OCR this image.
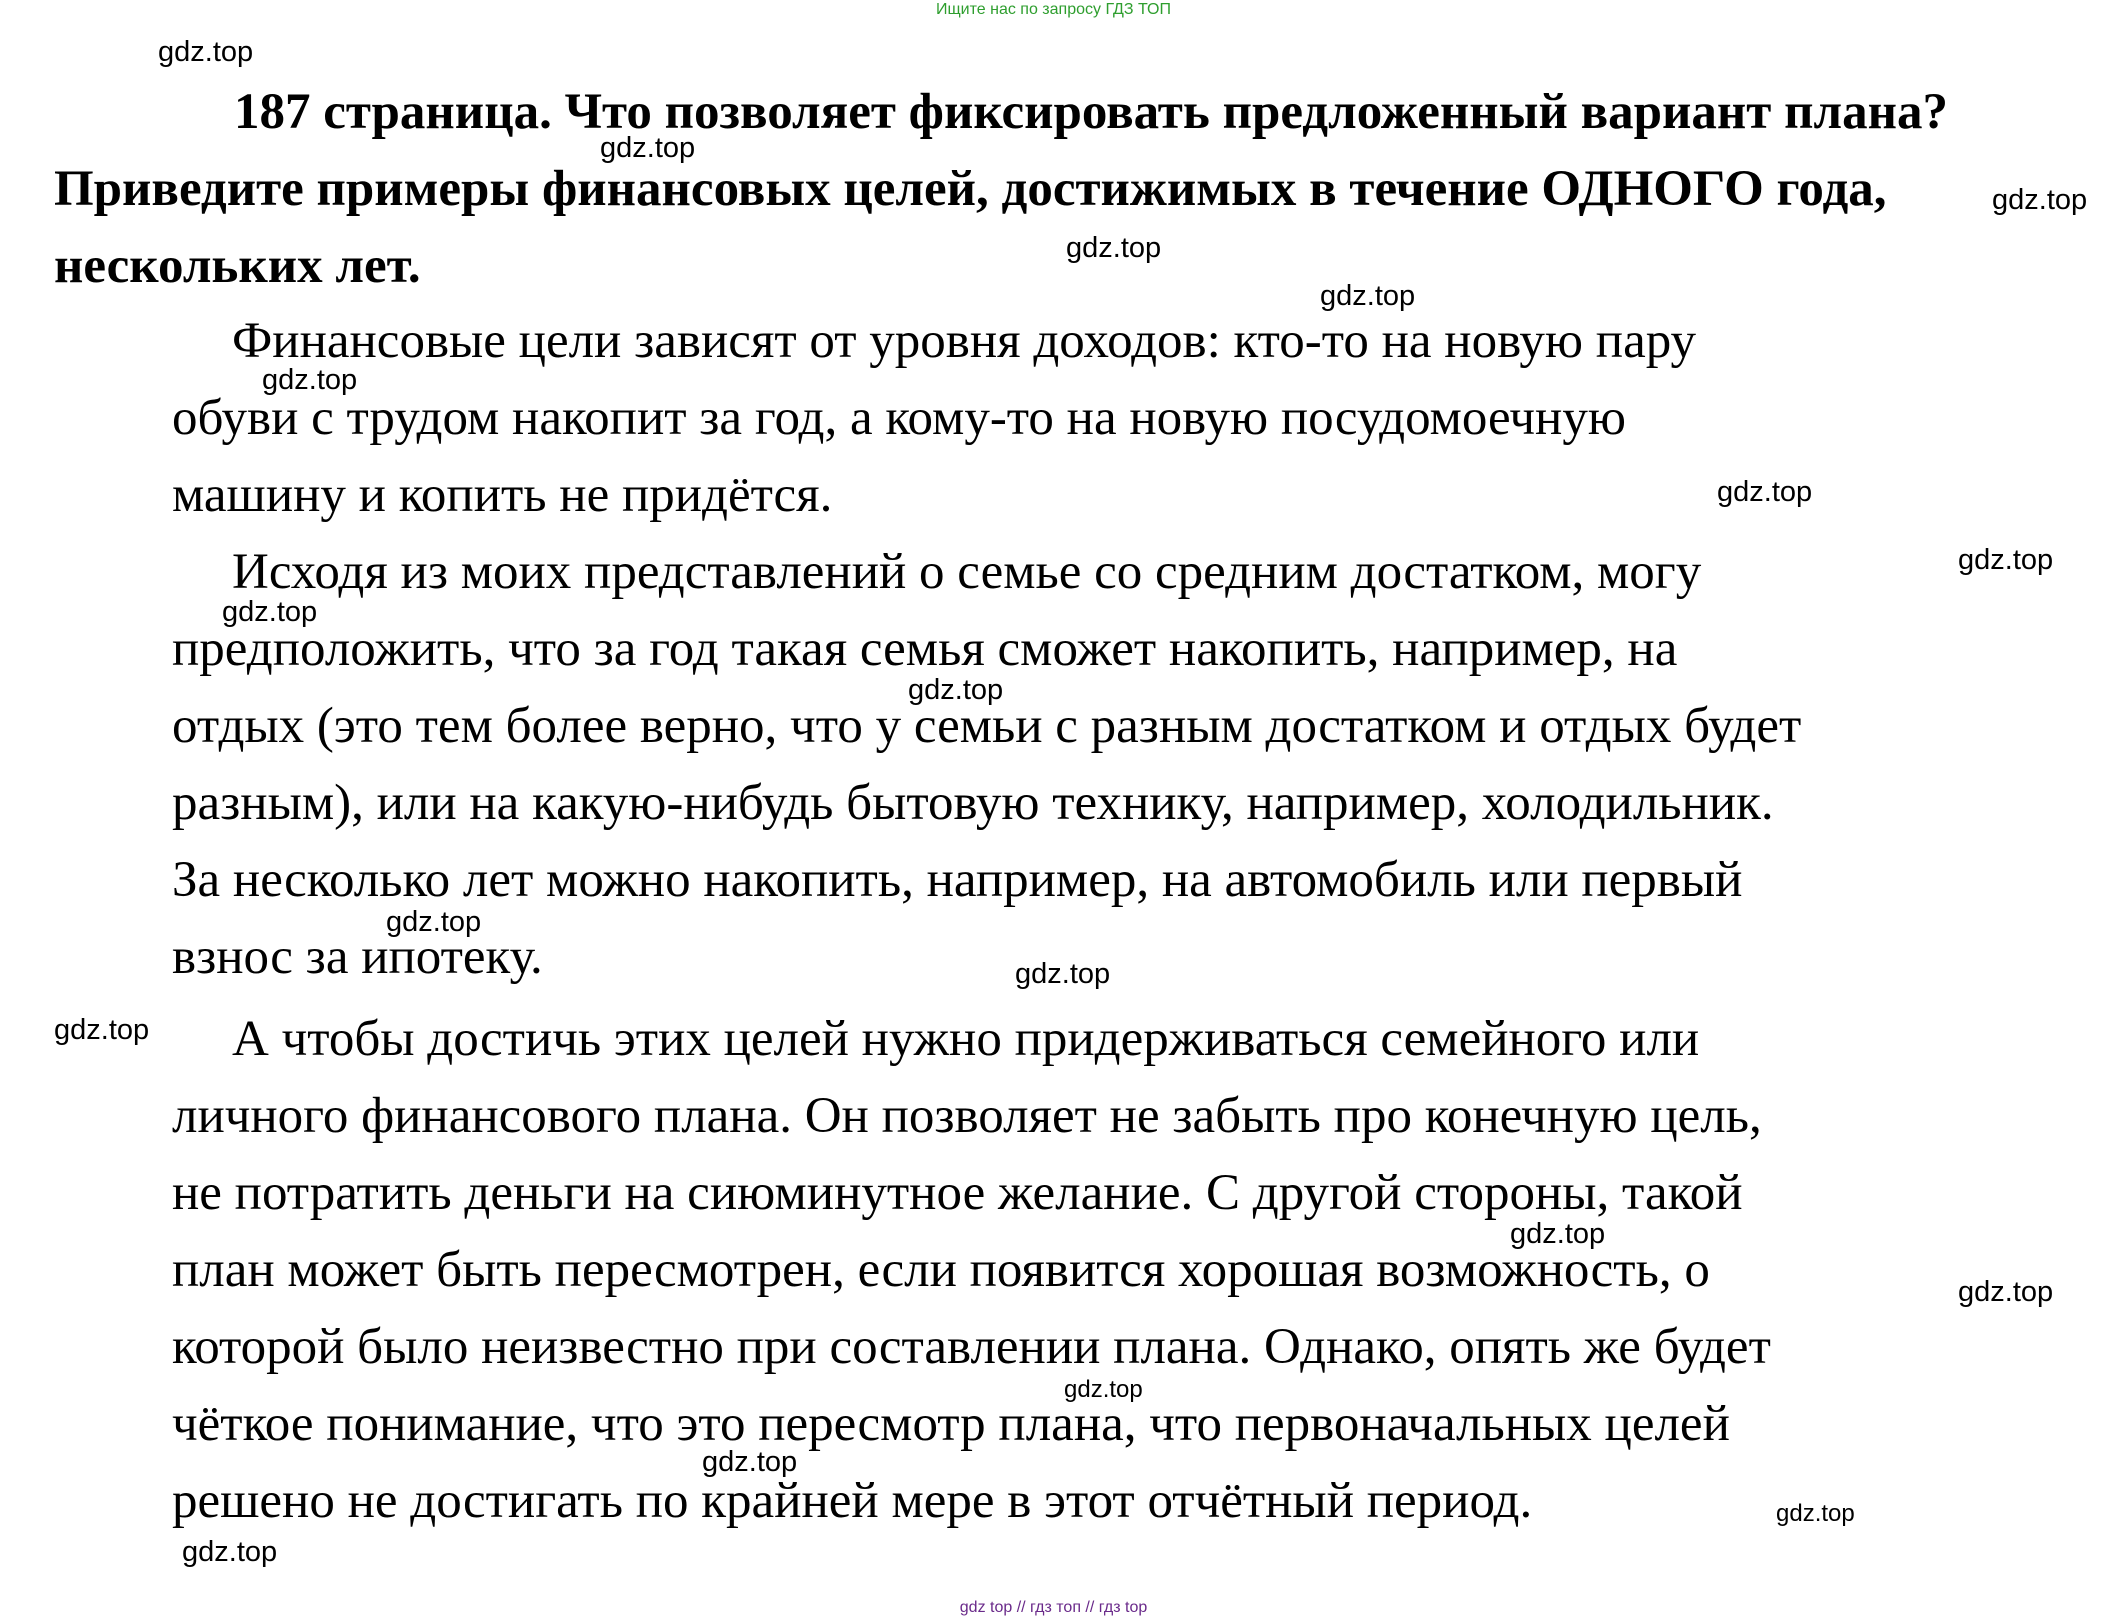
Ищите нас по запросу ГДЗ ТОП
187 страница. Что позволяет фиксировать предложенный вариант плана? Приведите примеры финансовых целей, достижимых в течение ОДНОГО года, нескольких лет.

Финансовые цели зависят от уровня доходов: кто-то на новую пару
обуви с трудом накопит за год, а кому-то на новую посудомоечную
машину и копить не придётся.

Исходя из моих представлений о семье со средним достатком, могу
предположить, что за год такая семья сможет накопить, например, на
отдых (это тем более верно, что у семьи с разным достатком и отдых будет
разным), или на какую-нибудь бытовую технику, например, холодильник.
За несколько лет можно накопить, например, на автомобиль или первый
взнос за ипотеку.

А чтобы достичь этих целей нужно придерживаться семейного или
личного финансового плана. Он позволяет не забыть про конечную цель,
не потратить деньги на сиюминутное желание. С другой стороны, такой
план может быть пересмотрен, если появится хорошая возможность, о
которой было неизвестно при составлении плана. Однако, опять же будет
чёткое понимание, что это пересмотр плана, что первоначальных целей
решено не достигать по крайней мере в этот отчётный период.

gdz.top
gdz.top
gdz.top
gdz.top
gdz.top
gdz.top
gdz.top
gdz.top
gdz.top
gdz.top
gdz.top
gdz.top
gdz.top
gdz.top
gdz.top
gdz.top
gdz.top
gdz.top
gdz.top
gdz top // гдз топ // гдз top
